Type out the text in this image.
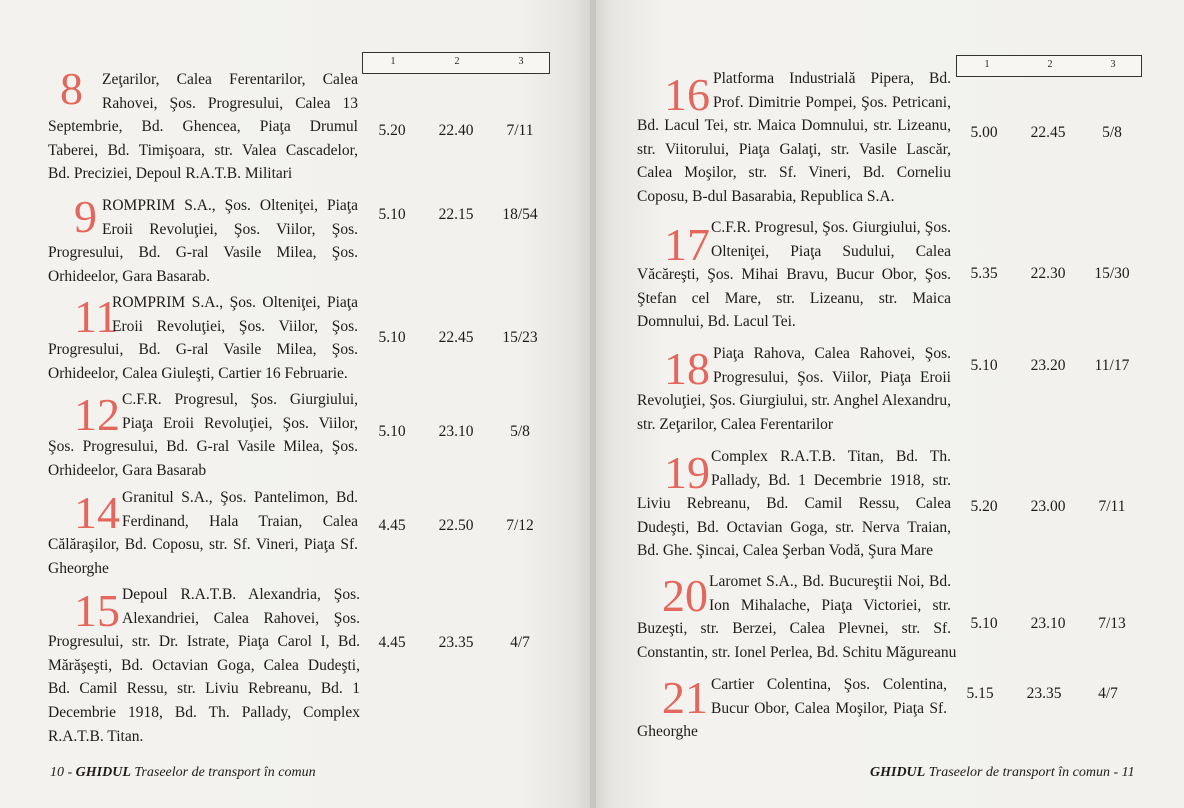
1	2	3
8	Zeţarilor, Calea Ferentarilor, Calea
Rahovei, Şos. Progresului, Calea 13
Septembrie, Bd. Ghencea, Piaţa Drumul
Taberei, Bd. Timişoara, str. Valea Cascadelor,
Bd. Preciziei, Depoul R.A.T.B. Militari

5.20	22.40	7/11
9 ROMPRIM S.A., Şos. Olteniţei, Piaţa
Eroii Revoluţiei, Şos. Viilor, Şos.
Progresului, Bd. G-ral Vasile Milea, Şos.
Orhideelor, Gara Basarab.

5.10	22.15	18/54
11

ROMPRIM S.A., Şos. Olteniţei, Piaţa
Eroii Revoluţiei, Şos. Viilor, Şos.
Progresului, Bd. G-ral Vasile Milea, Şos.
Orhideelor, Calea Giuleşti, Cartier 16 Februarie.

5.10	22.45	15/23
12 C.F.R. Progresul, Şos. Giurgiului,
Piaţa Eroii Revoluţiei, Şos. Viilor,
Şos. Progresului, Bd. G-ral Vasile Milea, Şos.
Orhideelor, Gara Basarab

5.10	23.10	5/8
14 Granitul S.A., Şos. Pantelimon, Bd.
Ferdinand, Hala Traian, Calea
Călăraşilor, Bd. Coposu, str. Sf. Vineri, Piaţa Sf.
Gheorghe

4.45	22.50	7/12
15 Depoul R.A.T.B. Alexandria, Şos.
Alexandriei, Calea Rahovei, Şos.
Progresului, str. Dr. Istrate, Piaţa Carol I, Bd.
Mărăşeşti, Bd. Octavian Goga, Calea Dudeşti,
Bd. Camil Ressu, str. Liviu Rebreanu, Bd. 1
Decembrie 1918, Bd. Th. Pallady, Complex
R.A.T.B. Titan.

4.45	23.35	4/7
10 - GHIDUL Traseelor de transport în comun
1	2	3
16 Platforma Industrială Pipera, Bd.
Prof. Dimitrie Pompei, Şos. Petricani,
Bd. Lacul Tei, str. Maica Domnului, str. Lizeanu,
str. Viitorului, Piaţa Galaţi, str. Vasile Lascăr,
Calea Moşilor, str. Sf. Vineri, Bd. Corneliu
Coposu, B-dul Basarabia, Republica S.A.

5.00	22.45	5/8
17 C.F.R. Progresul, Şos. Giurgiului, Şos.
Olteniţei, Piaţa Sudului, Calea
Văcăreşti, Şos. Mihai Bravu, Bucur Obor, Şos.
Ştefan cel Mare, str. Lizeanu, str. Maica
Domnului, Bd. Lacul Tei.

5.35	22.30	15/30
18 Piaţa Rahova, Calea Rahovei, Şos.
Progresului, Şos. Viilor, Piaţa Eroii
Revoluţiei, Şos. Giurgiului, str. Anghel Alexandru,
str. Zeţarilor, Calea Ferentarilor

5.10	23.20	11/17
19 Complex R.A.T.B. Titan, Bd. Th.
Pallady, Bd. 1 Decembrie 1918, str.
Liviu Rebreanu, Bd. Camil Ressu, Calea
Dudeşti, Bd. Octavian Goga, str. Nerva Traian,
Bd. Ghe. Şincai, Calea Şerban Vodă, Şura Mare

5.20	23.00	7/11
20 Laromet S.A., Bd. Bucureştii Noi, Bd.
Ion Mihalache, Piaţa Victoriei, str.
Buzeşti, str. Berzei, Calea Plevnei, str. Sf.
Constantin, str. Ionel Perlea, Bd. Schitu Măgureanu

5.10	23.10	7/13
21 Cartier Colentina, Şos. Colentina,
Bucur Obor, Calea Moşilor, Piaţa Sf.
Gheorghe

5.15	23.35	4/7
GHIDUL Traseelor de transport în comun - 11
